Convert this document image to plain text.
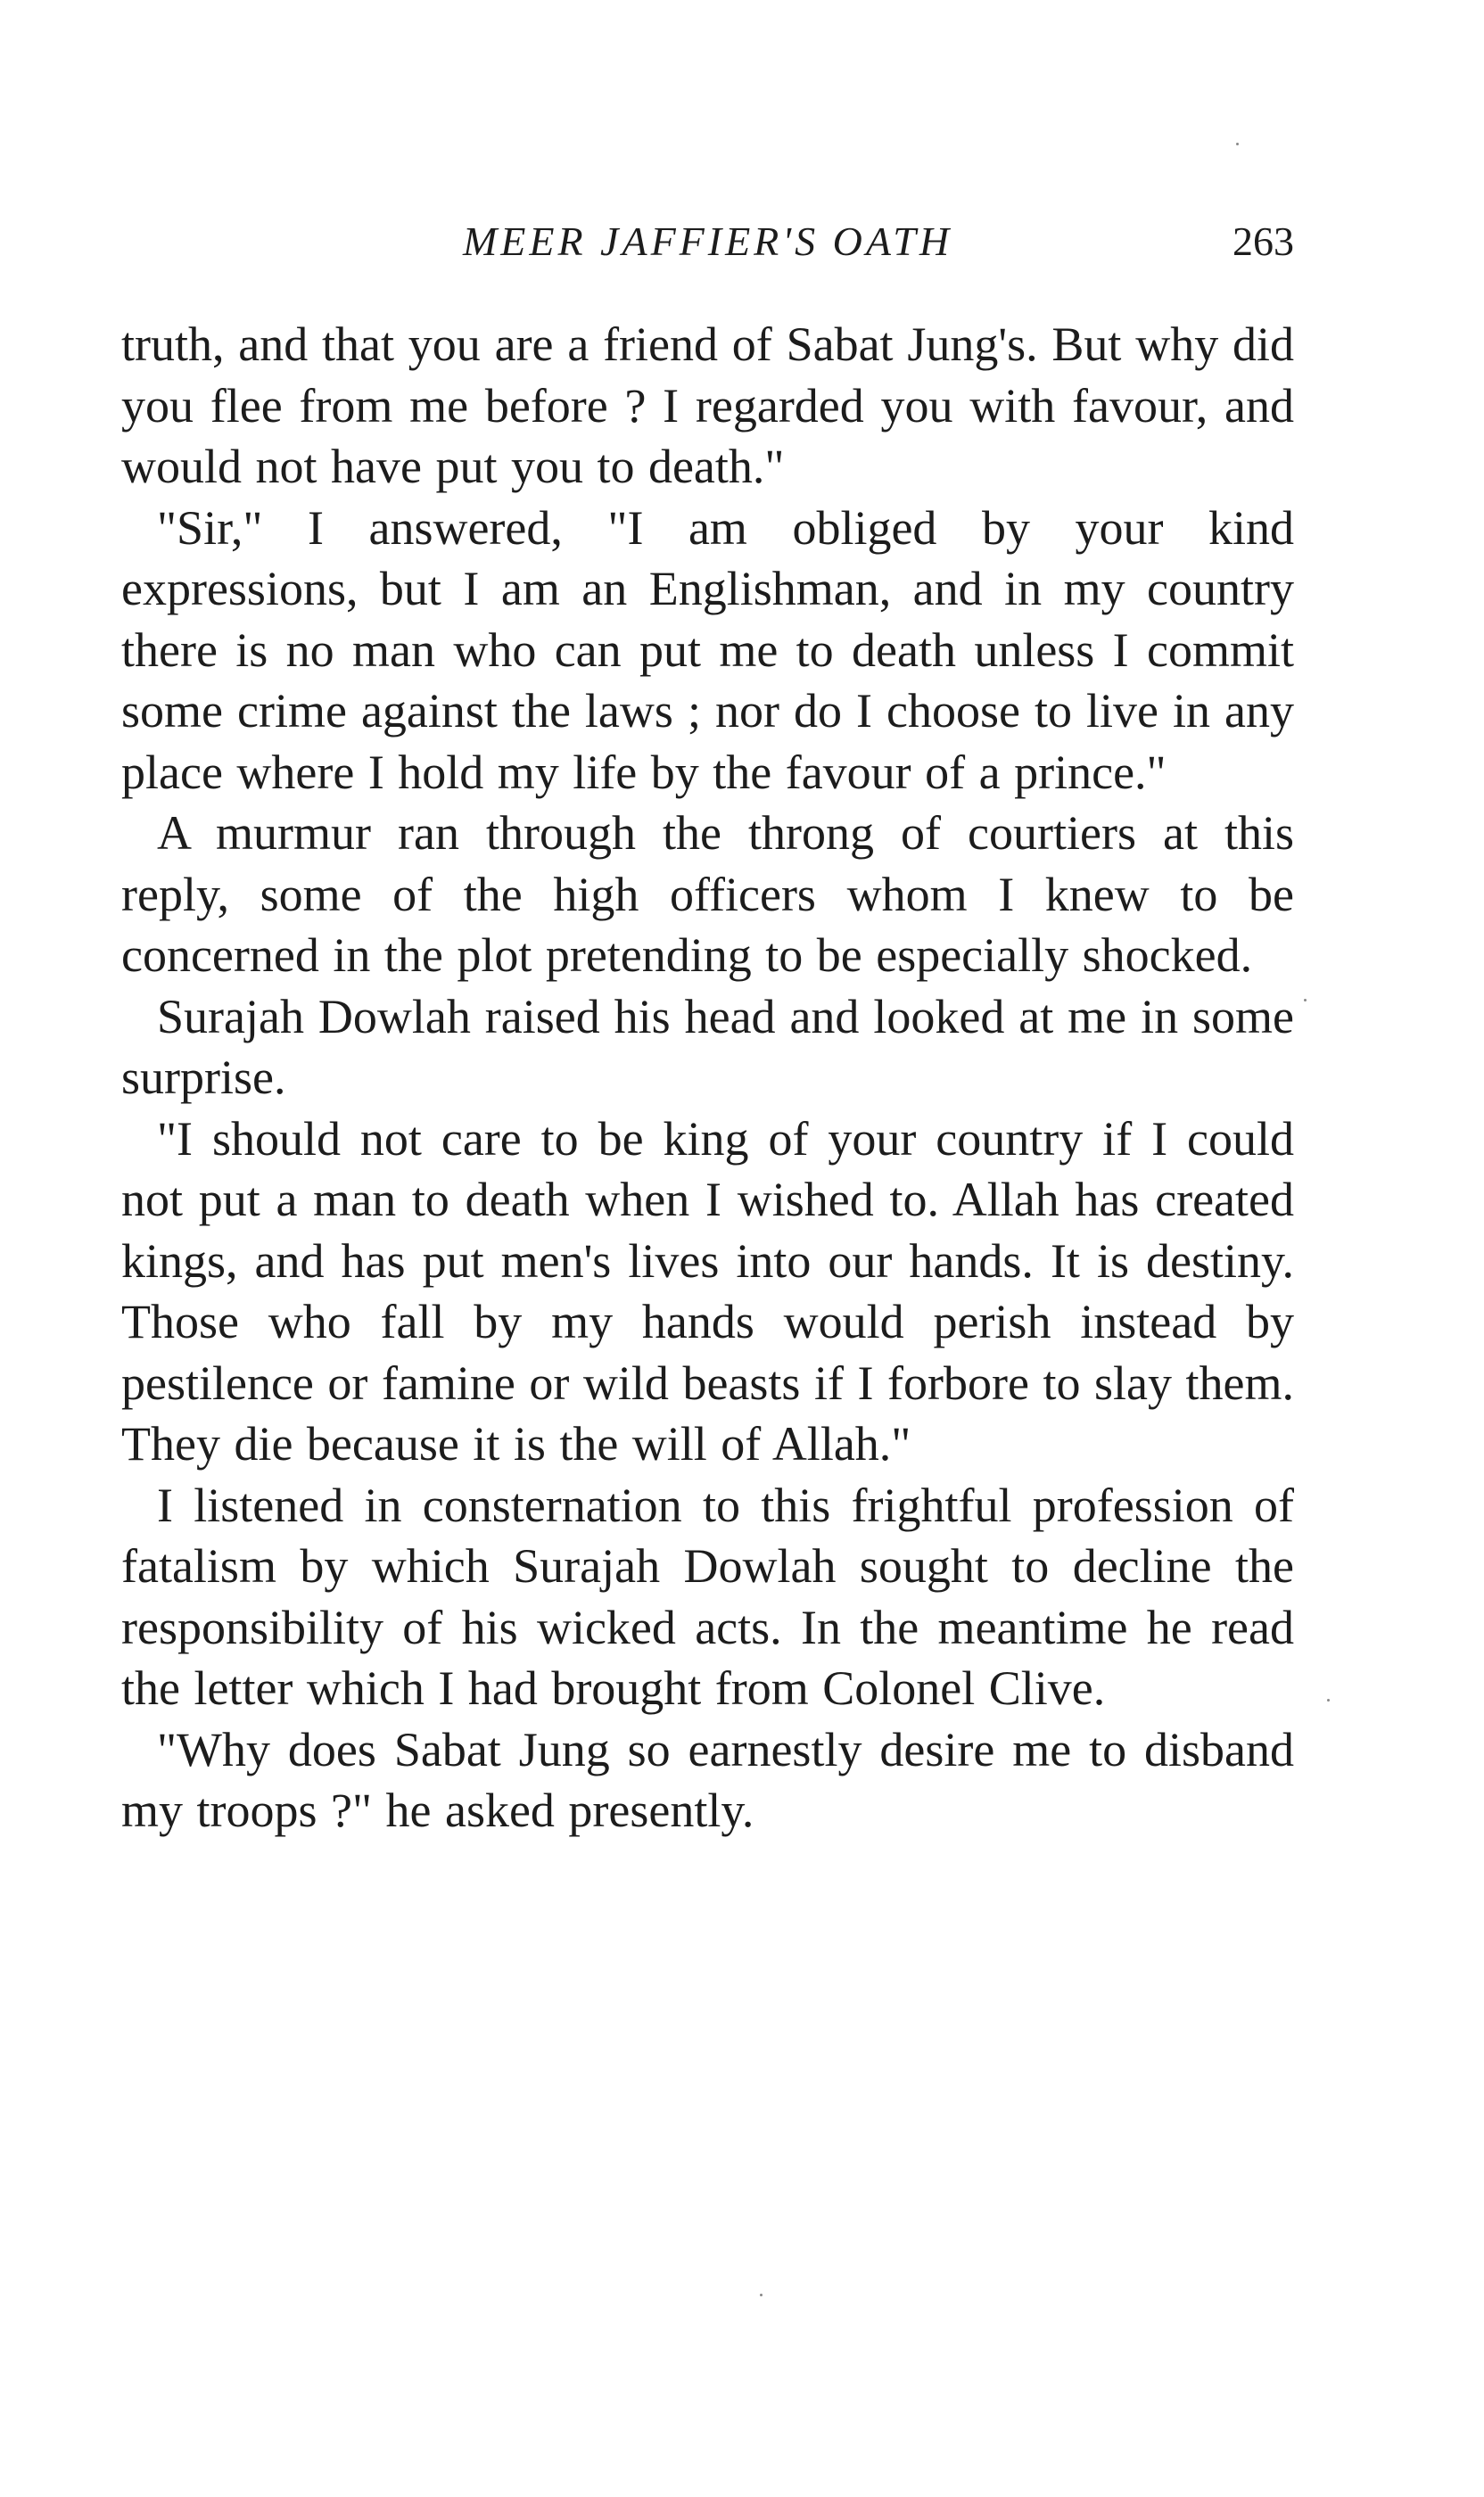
MEER JAFFIER'S OATH	263

truth, and that you are a friend of Sabat Jung's. But why did you flee from me before ? I regarded you with favour, and would not have put you to death."

"Sir," I answered, "I am obliged by your kind expressions, but I am an Englishman, and in my country there is no man who can put me to death unless I commit some crime against the laws ; nor do I choose to live in any place where I hold my life by the favour of a prince."

A murmur ran through the throng of courtiers at this reply, some of the high officers whom I knew to be concerned in the plot pretending to be especially shocked.

Surajah Dowlah raised his head and looked at me in some surprise.

"I should not care to be king of your country if I could not put a man to death when I wished to. Allah has created kings, and has put men's lives into our hands. It is destiny. Those who fall by my hands would perish instead by pestilence or famine or wild beasts if I forbore to slay them. They die because it is the will of Allah."

I listened in consternation to this frightful profession of fatalism by which Surajah Dowlah sought to decline the responsibility of his wicked acts. In the meantime he read the letter which I had brought from Colonel Clive.

"Why does Sabat Jung so earnestly desire me to disband my troops ?" he asked presently.
